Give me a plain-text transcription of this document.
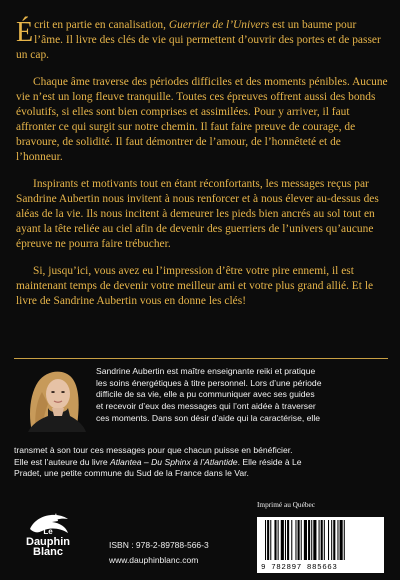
Écrit en partie en canalisation, Guerrier de l’Univers est un baume pour l’âme. Il livre des clés de vie qui permettent d’ouvrir des portes et de passer un cap.

Chaque âme traverse des périodes difficiles et des moments pénibles. Aucune vie n’est un long fleuve tranquille. Toutes ces épreuves offrent aussi des bonds évolutifs, si elles sont bien comprises et assimilées. Pour y arriver, il faut affronter ce qui surgit sur notre chemin. Il faut faire preuve de courage, de bravoure, de solidité. Il faut démontrer de l’amour, de l’honnêteté et de l’honneur.

Inspirants et motivants tout en étant réconfortants, les messages reçus par Sandrine Aubertin nous invitent à nous renforcer et à nous élever au-dessus des aléas de la vie. Ils nous incitent à demeurer les pieds bien ancrés au sol tout en ayant la tête reliée au ciel afin de devenir des guerriers de l’univers qu’aucune épreuve ne pourra faire trébucher.

Si, jusqu’ici, vous avez eu l’impression d’être votre pire ennemi, il est maintenant temps de devenir votre meilleur ami et votre plus grand allié. Et le livre de Sandrine Aubertin vous en donne les clés!

Sandrine Aubertin est maître enseignante reiki et pratique
les soins énergétiques à titre personnel. Lors d’une période
difficile de sa vie, elle a pu communiquer avec ses guides
et recevoir d’eux des messages qui l’ont aidée à traverser
ces moments. Dans son désir d’aide qui la caractérise, elle
transmet à son tour ces messages pour que chacun puisse en bénéficier.
Elle est l’auteure du livre Atlantea – Du Sphinx à l’Atlantide. Elle réside à Le
Pradet, une petite commune du Sud de la France dans le Var.
Le
Dauphin
Blanc
ISBN : 978-2-89788-566-3
www.dauphinblanc.com
Imprimé au Québec
9 782897 885663
